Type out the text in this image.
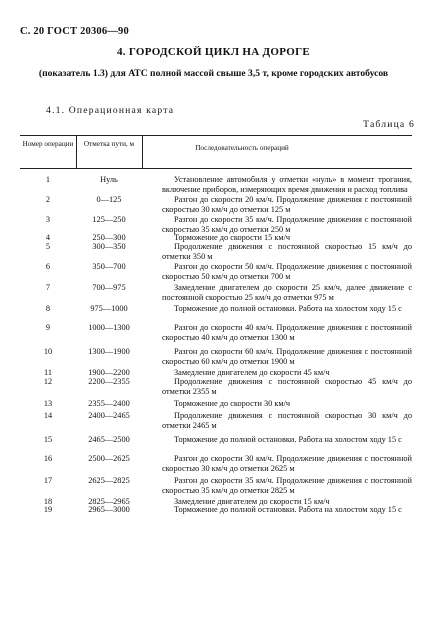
С. 20 ГОСТ 20306—90
4. ГОРОДСКОЙ ЦИКЛ НА ДОРОГЕ
(показатель 1.3) для АТС полной массой свыше 3,5 т, кроме городских автобусов
4.1. Операционная карта
Таблица 6
Номер операции	Отметка пути, м	Последовательность операций
1	Нуль	Установление автомобиля у отметки «нуль» в момент трогания, включение приборов, измеряющих время движения и расход топлива
2	0—125	Разгон до скорости 20 км/ч. Продолжение движения с постоянной скоростью 30 км/ч до отметки 125 м
3	125—250	Разгон до скорости 35 км/ч. Продолжение движения с постоянной скоростью 35 км/ч до отметки 250 м
4	250—300	Торможение до скорости 15 км/ч
5	300—350	Продолжение движения с постоянной скоростью 15 км/ч до отметки 350 м
6	350—700	Разгон до скорости 50 км/ч. Продолжение движения с постоянной скоростью 50 км/ч до отметки 700 м
7	700—975	Замедление двигателем до скорости 25 км/ч, далее движение с постоянной скоростью 25 км/ч до отметки 975 м
8	975—1000	Торможение до полной остановки. Работа на холостом ходу 15 с
9	1000—1300	Разгон до скорости 40 км/ч. Продолжение движения с постоянной скоростью 40 км/ч до отметки 1300 м
10	1300—1900	Разгон до скорости 60 км/ч. Продолжение движения с постоянной скоростью 60 км/ч до отметки 1900 м
11	1900—2200	Замедление двигателем до скорости 45 км/ч
12	2200—2355	Продолжение движения с постоянной скоростью 45 км/ч до отметки 2355 м
13	2355—2400	Торможение до скорости 30 км/ч
14	2400—2465	Продолжение движения с постоянной скоростью 30 км/ч до отметки 2465 м
15	2465—2500	Торможение до полной остановки. Работа на холостом ходу 15 с
16	2500—2625	Разгон до скорости 30 км/ч. Продолжение движения с постоянной скоростью 30 км/ч до отметки 2625 м
17	2625—2825	Разгон до скорости 35 км/ч. Продолжение движения с постоянной скоростью 35 км/ч до отметки 2825 м
18	2825—2965	Замедление двигателем до скорости 15 км/ч
19	2965—3000	Торможение до полной остановки. Работа на холостом ходу 15 с
